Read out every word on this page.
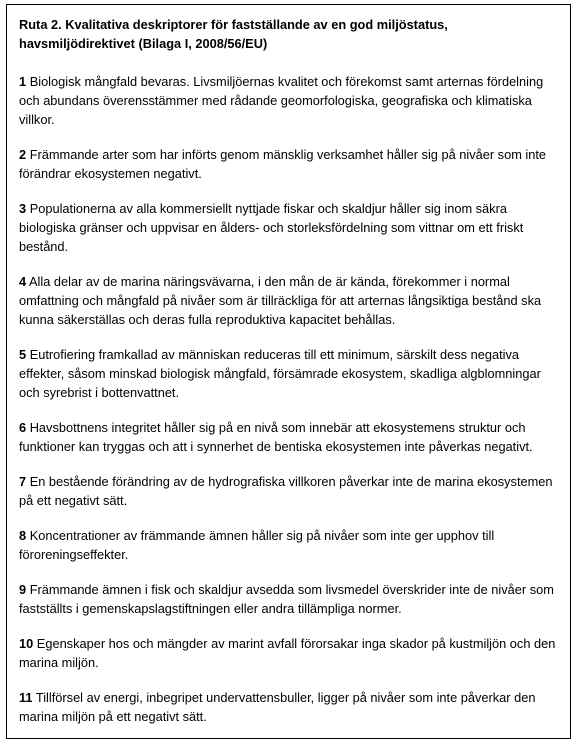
Ruta 2. Kvalitativa deskriptorer för fastställande av en god miljöstatus, havsmiljödirektivet (Bilaga I, 2008/56/EU)

1 Biologisk mångfald bevaras. Livsmiljöernas kvalitet och förekomst samt arternas fördelning och abundans överensstämmer med rådande geomorfologiska, geografiska och klimatiska villkor.

2 Främmande arter som har införts genom mänsklig verksamhet håller sig på nivåer som inte förändrar ekosystemen negativt.

3 Populationerna av alla kommersiellt nyttjade fiskar och skaldjur håller sig inom säkra biologiska gränser och uppvisar en ålders- och storleksfördelning som vittnar om ett friskt bestånd.

4 Alla delar av de marina näringsvävarna, i den mån de är kända, förekommer i normal omfattning och mångfald på nivåer som är tillräckliga för att arternas långsiktiga bestånd ska kunna säkerställas och deras fulla reproduktiva kapacitet behållas.

5 Eutrofiering framkallad av människan reduceras till ett minimum, särskilt dess negativa effekter, såsom minskad biologisk mångfald, försämrade ekosystem, skadliga algblomningar och syrebrist i bottenvattnet.

6 Havsbottnens integritet håller sig på en nivå som innebär att ekosystemens struktur och funktioner kan tryggas och att i synnerhet de bentiska ekosystemen inte påverkas negativt.

7 En bestående förändring av de hydrografiska villkoren påverkar inte de marina ekosystemen på ett negativt sätt.

8 Koncentrationer av främmande ämnen håller sig på nivåer som inte ger upphov till föroreningseffekter.

9 Främmande ämnen i fisk och skaldjur avsedda som livsmedel överskrider inte de nivåer som fastställts i gemenskapslagstiftningen eller andra tillämpliga normer.

10 Egenskaper hos och mängder av marint avfall förorsakar inga skador på kustmiljön och den marina miljön.

11 Tillförsel av energi, inbegripet undervattensbuller, ligger på nivåer som inte påverkar den marina miljön på ett negativt sätt.
